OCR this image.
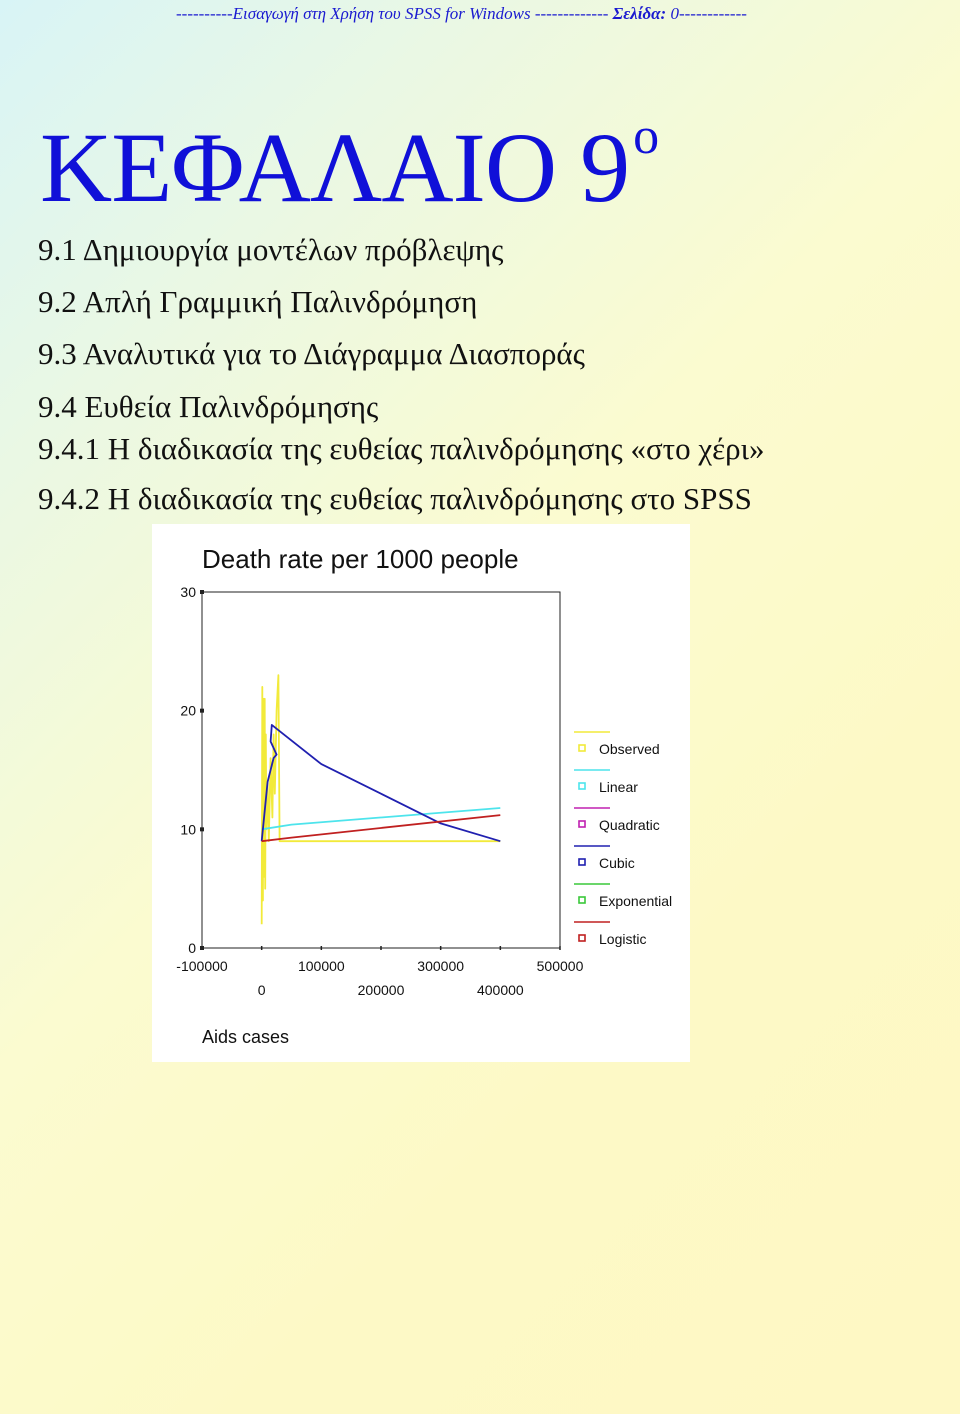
----------Εισαγωγή στη Χρήση του SPSS for Windows ------------- Σελίδα: 0------------
ΚΕΦΑΛΑΙΟ $9^o$
9.1 Δημιουργία μοντέλων πρόβλεψης
9.2 Απλή Γραμμική Παλινδρόμηση
9.3 Αναλυτικά για το Διάγραμμα Διασποράς
9.4 Ευθεία Παλινδρόμησης
9.4.1 Η διαδικασία της ευθείας παλινδρόμησης «στο χέρι»
9.4.2 Η διαδικασία της ευθείας παλινδρόμησης στο SPSS
0
10
20
30
-100000	100000	300000	500000
0	200000	400000
Observed
Linear
Quadratic
Cubic
Exponential
Logistic
Death rate per 1000 people
Aids cases
